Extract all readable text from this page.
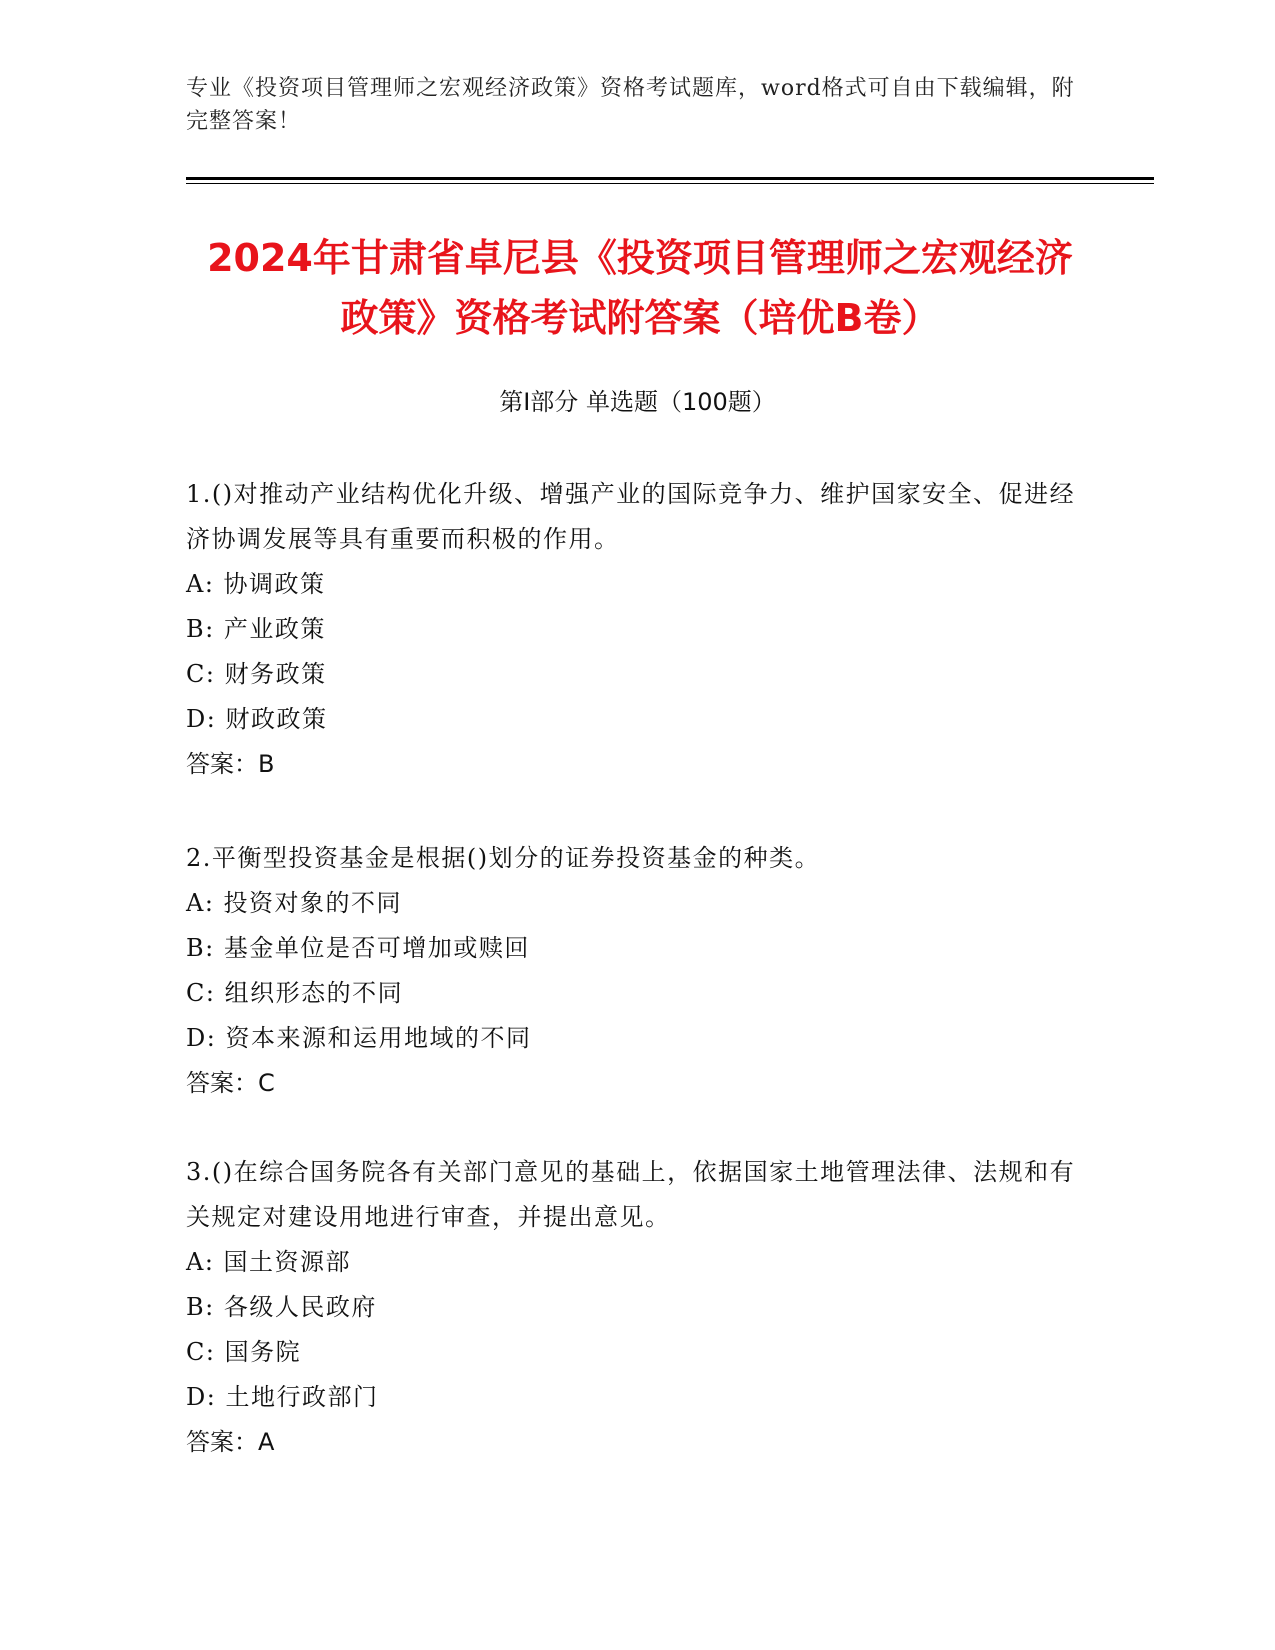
专业《投资项目管理师之宏观经济政策》资格考试题库，word格式可自由下载编辑，附完整答案！
2024年甘肃省卓尼县《投资项目管理师之宏观经济政策》资格考试附答案（培优B卷）
第I部分 单选题（100题）

1.()对推动产业结构优化升级、增强产业的国际竞争力、维护国家安全、促进经济协调发展等具有重要而积极的作用。

A: 协调政策

B: 产业政策

C: 财务政策

D: 财政政策

答案：B

2.平衡型投资基金是根据()划分的证券投资基金的种类。

A: 投资对象的不同

B: 基金单位是否可增加或赎回

C: 组织形态的不同

D: 资本来源和运用地域的不同

答案：C

3.()在综合国务院各有关部门意见的基础上，依据国家土地管理法律、法规和有关规定对建设用地进行审查，并提出意见。

A: 国土资源部

B: 各级人民政府

C: 国务院

D: 土地行政部门

答案：A
